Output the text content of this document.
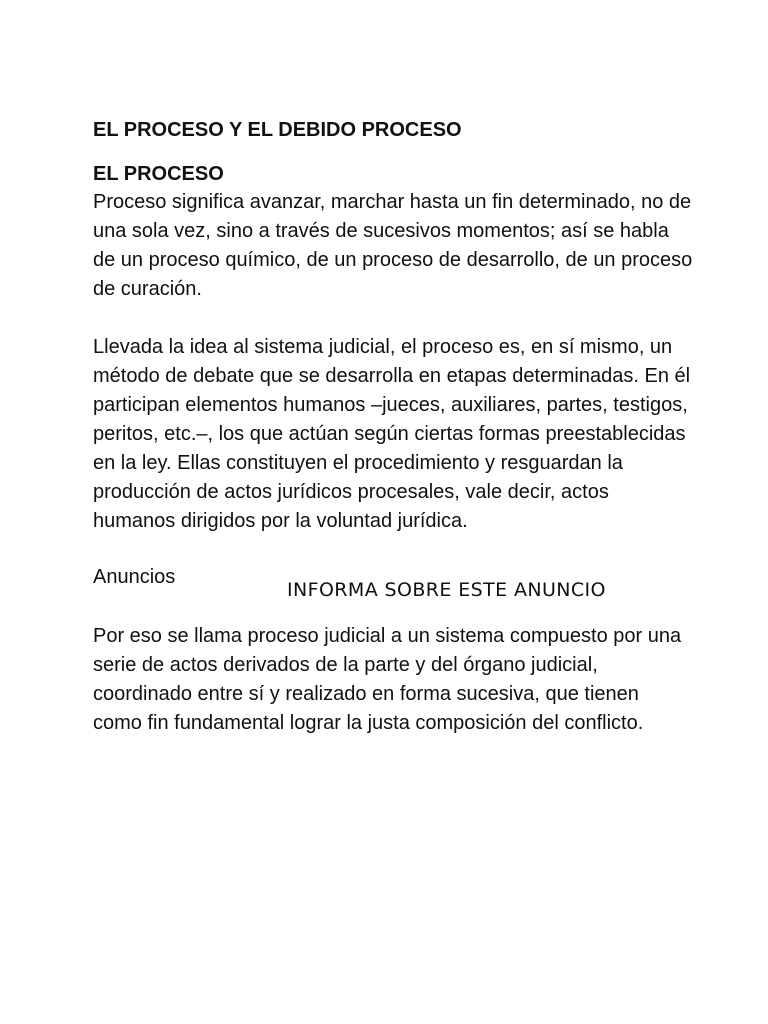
EL PROCESO Y EL DEBIDO PROCESO
EL PROCESO

Proceso significa avanzar, marchar hasta un fin determinado, no de una sola vez, sino a través de sucesivos momentos; así se habla de un proceso químico, de un proceso de desarrollo, de un proceso de curación.

Llevada la idea al sistema judicial, el proceso es, en sí mismo, un método de debate que se desarrolla en etapas determinadas. En él participan elementos humanos –jueces, auxiliares, partes, testigos, peritos, etc.–, los que actúan según ciertas formas preestablecidas en la ley. Ellas constituyen el procedimiento y resguardan la producción de actos jurídicos procesales, vale decir, actos humanos dirigidos por la voluntad jurídica.

Anuncios
INFORMA SOBRE ESTE ANUNCIO

Por eso se llama proceso judicial a un sistema compuesto por una serie de actos derivados de la parte y del órgano judicial, coordinado entre sí y realizado en forma sucesiva, que tienen como fin fundamental lograr la justa composición del conflicto.
